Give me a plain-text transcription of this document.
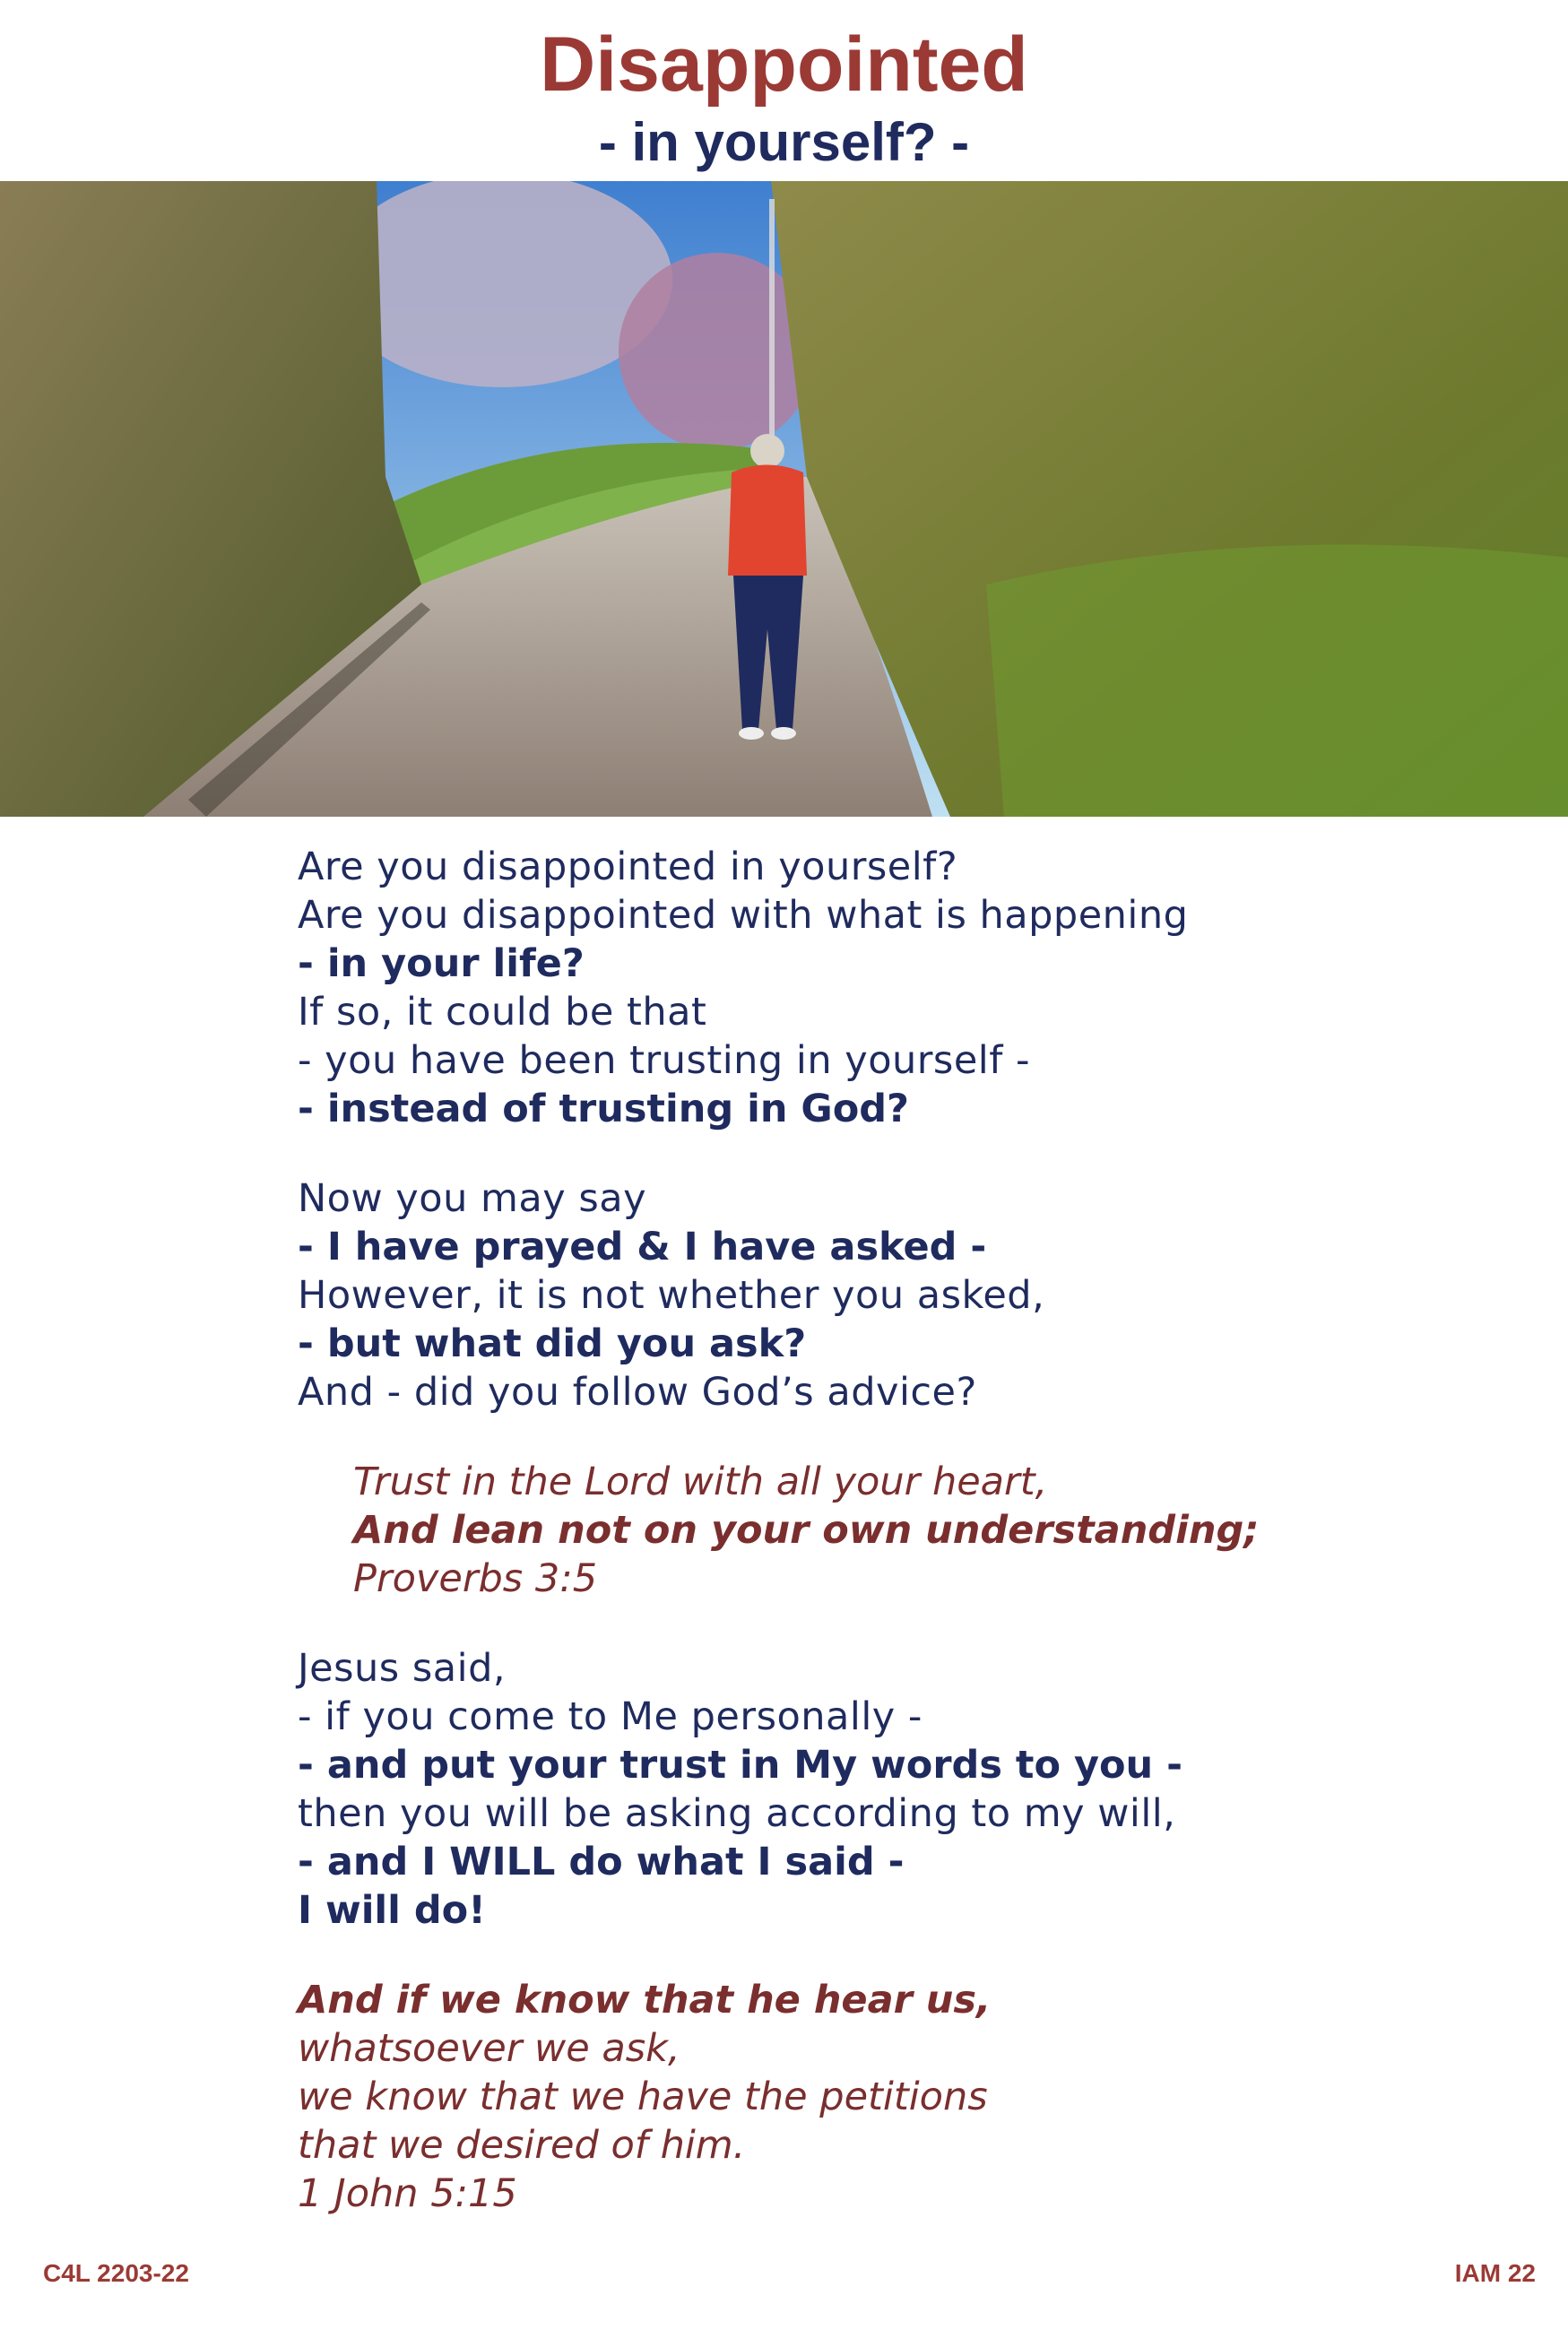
Disappointed
- in yourself? -
Are you disappointed in yourself?
Are you disappointed with what is happening
- in your life?
If so, it could be that
- you have been trusting in yourself -
- instead of trusting in God?
Now you may say
- I have prayed & I have asked -
However, it is not whether you asked,
- but what did you ask?
And - did you follow God’s advice?
Trust in the Lord with all your heart,
And lean not on your own understanding;
Proverbs 3:5
Jesus said,
- if you come to Me personally -
- and put your trust in My words to you -
then you will be asking according to my will,
- and I WILL do what I said -
I will do!
And if we know that he hear us,
whatsoever we ask,
we know that we have the petitions
that we desired of him.
1 John 5:15
C4L 2203-22	IAM 22
